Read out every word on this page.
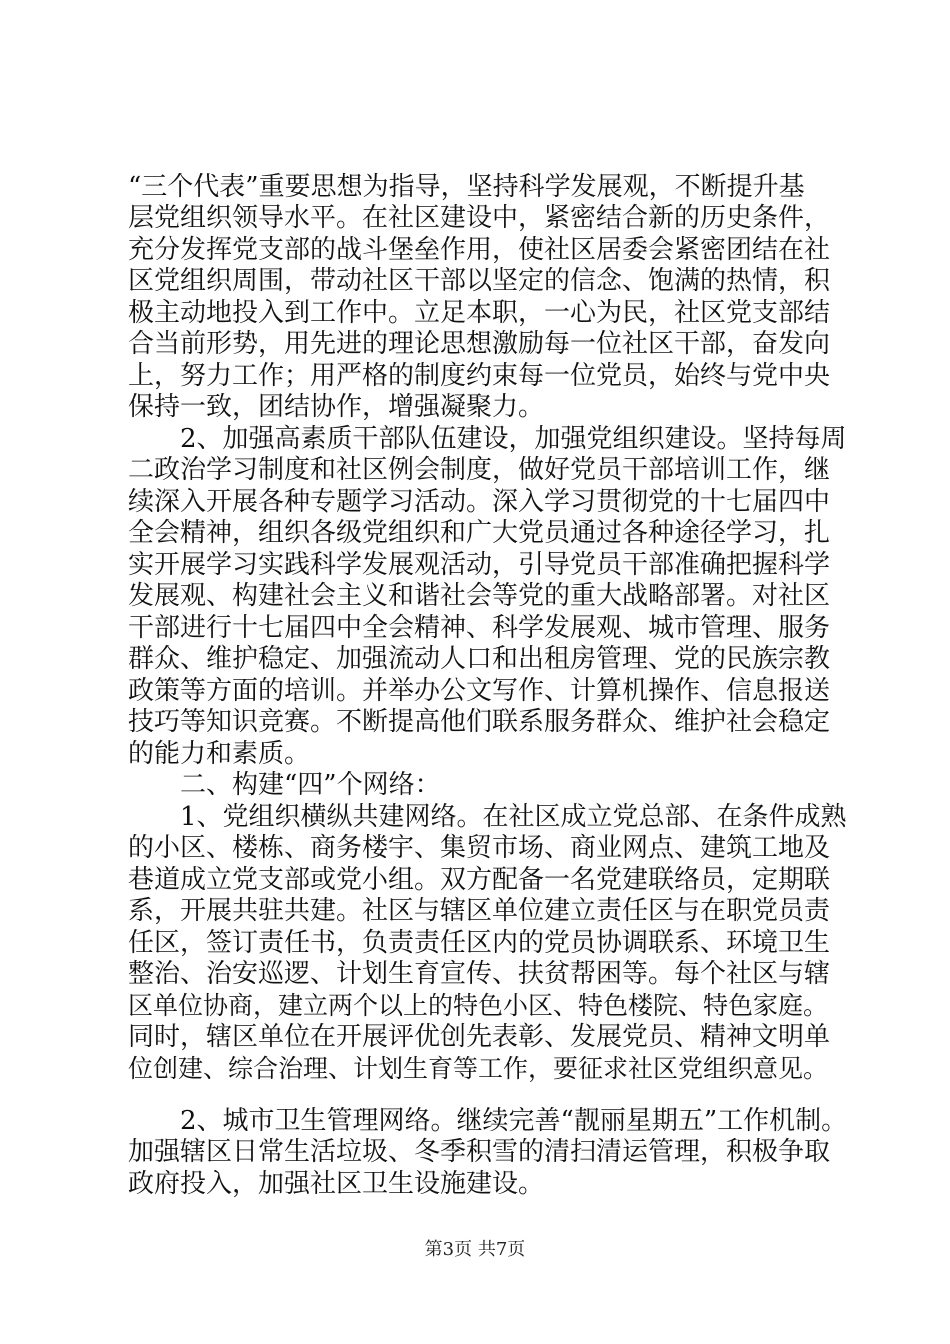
“三个代表”重要思想为指导，坚持科学发展观，不断提升基
层党组织领导水平。在社区建设中，紧密结合新的历史条件，
充分发挥党支部的战斗堡垒作用，使社区居委会紧密团结在社
区党组织周围，带动社区干部以坚定的信念、饱满的热情，积
极主动地投入到工作中。立足本职，一心为民，社区党支部结
合当前形势，用先进的理论思想激励每一位社区干部，奋发向
上，努力工作；用严格的制度约束每一位党员，始终与党中央
保持一致，团结协作，增强凝聚力。
　　2、加强高素质干部队伍建设，加强党组织建设。坚持每周
二政治学习制度和社区例会制度，做好党员干部培训工作，继
续深入开展各种专题学习活动。深入学习贯彻党的十七届四中
全会精神，组织各级党组织和广大党员通过各种途径学习，扎
实开展学习实践科学发展观活动，引导党员干部准确把握科学
发展观、构建社会主义和谐社会等党的重大战略部署。对社区
干部进行十七届四中全会精神、科学发展观、城市管理、服务
群众、维护稳定、加强流动人口和出租房管理、党的民族宗教
政策等方面的培训。并举办公文写作、计算机操作、信息报送
技巧等知识竞赛。不断提高他们联系服务群众、维护社会稳定
的能力和素质。
　　二、构建“四”个网络：
　　1、党组织横纵共建网络。在社区成立党总部、在条件成熟
的小区、楼栋、商务楼宇、集贸市场、商业网点、建筑工地及
巷道成立党支部或党小组。双方配备一名党建联络员，定期联
系，开展共驻共建。社区与辖区单位建立责任区与在职党员责
任区，签订责任书，负责责任区内的党员协调联系、环境卫生
整治、治安巡逻、计划生育宣传、扶贫帮困等。每个社区与辖
区单位协商，建立两个以上的特色小区、特色楼院、特色家庭。
同时，辖区单位在开展评优创先表彰、发展党员、精神文明单
位创建、综合治理、计划生育等工作，要征求社区党组织意见。
　　2、城市卫生管理网络。继续完善“靓丽星期五”工作机制。
加强辖区日常生活垃圾、冬季积雪的清扫清运管理，积极争取
政府投入，加强社区卫生设施建设。
第3页 共7页
